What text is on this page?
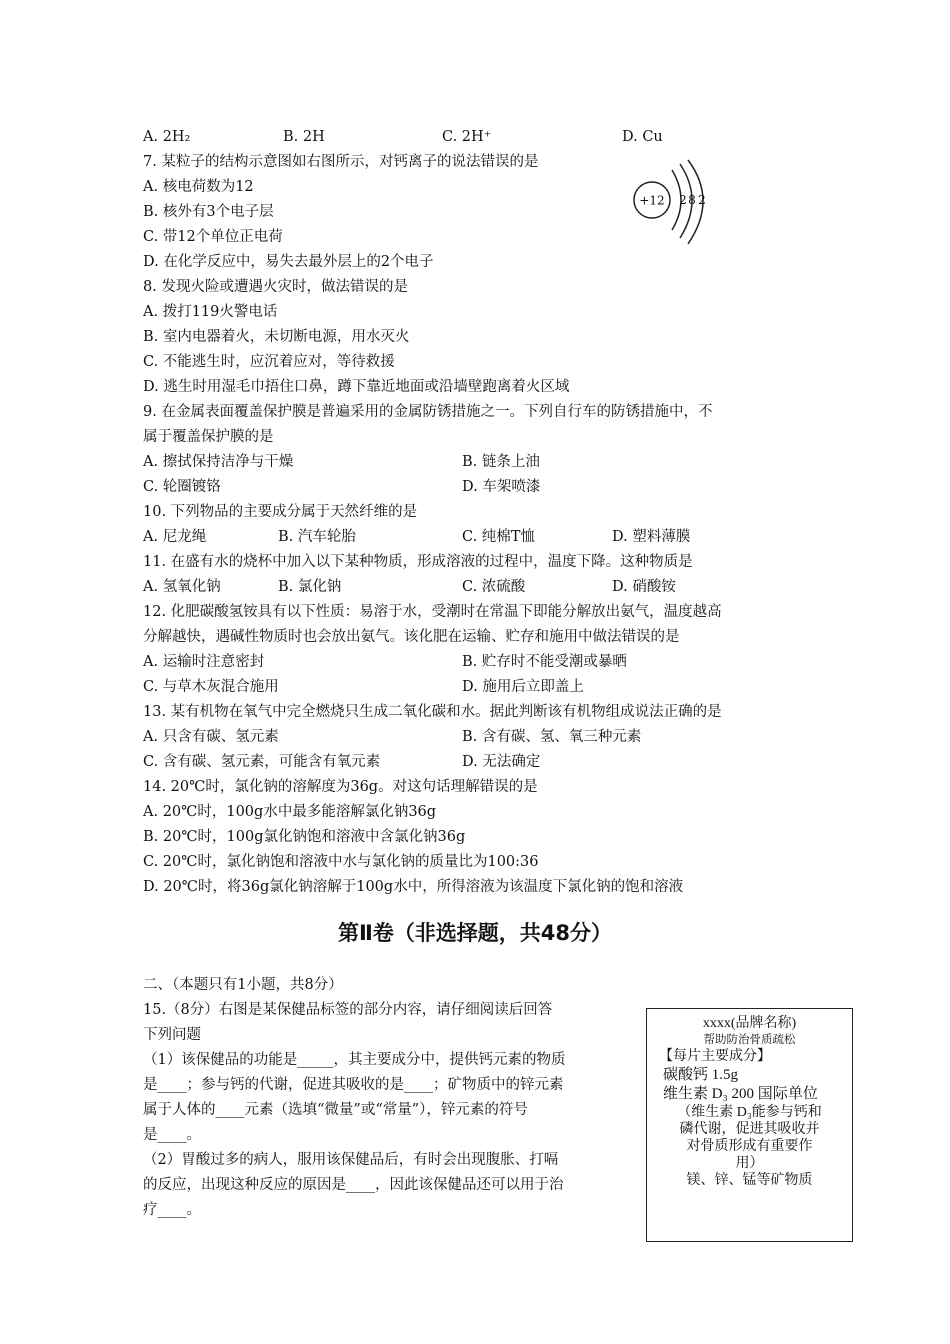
A. 2H₂	B. 2H	C. 2H⁺	D. Cu
7. 某粒子的结构示意图如右图所示，对钙离子的说法错误的是
A. 核电荷数为12
B. 核外有3个电子层
C. 带12个单位正电荷
D. 在化学反应中，易失去最外层上的2个电子
+12 2 8 2
8. 发现火险或遭遇火灾时，做法错误的是
A. 拨打119火警电话
B. 室内电器着火，未切断电源，用水灭火
C. 不能逃生时，应沉着应对，等待救援
D. 逃生时用湿毛巾捂住口鼻，蹲下靠近地面或沿墙壁跑离着火区域
9. 在金属表面覆盖保护膜是普遍采用的金属防锈措施之一。下列自行车的防锈措施中，不
属于覆盖保护膜的是
A. 擦拭保持洁净与干燥	B. 链条上油
C. 轮圈镀铬	D. 车架喷漆
10. 下列物品的主要成分属于天然纤维的是
A. 尼龙绳	B. 汽车轮胎	C. 纯棉T恤	D. 塑料薄膜
11. 在盛有水的烧杯中加入以下某种物质，形成溶液的过程中，温度下降。这种物质是
A. 氢氧化钠	B. 氯化钠	C. 浓硫酸	D. 硝酸铵
12. 化肥碳酸氢铵具有以下性质：易溶于水，受潮时在常温下即能分解放出氨气，温度越高
分解越快，遇碱性物质时也会放出氨气。该化肥在运输、贮存和施用中做法错误的是
A. 运输时注意密封	B. 贮存时不能受潮或暴晒
C. 与草木灰混合施用	D. 施用后立即盖上
13. 某有机物在氧气中完全燃烧只生成二氧化碳和水。据此判断该有机物组成说法正确的是
A. 只含有碳、氢元素	B. 含有碳、氢、氧三种元素
C. 含有碳、氢元素，可能含有氧元素	D. 无法确定
14. 20℃时，氯化钠的溶解度为36g。对这句话理解错误的是
A. 20℃时，100g水中最多能溶解氯化钠36g
B. 20℃时，100g氯化钠饱和溶液中含氯化钠36g
C. 20℃时，氯化钠饱和溶液中水与氯化钠的质量比为100:36
D. 20℃时，将36g氯化钠溶解于100g水中，所得溶液为该温度下氯化钠的饱和溶液
第Ⅱ卷（非选择题，共48分）
二、（本题只有1小题，共8分）
15.（8分）右图是某保健品标签的部分内容，请仔细阅读后回答
下列问题
（1）该保健品的功能是_____，其主要成分中，提供钙元素的物质
是____；参与钙的代谢，促进其吸收的是____；矿物质中的锌元素
属于人体的____元素（选填“微量”或“常量”），锌元素的符号
是____。
（2）胃酸过多的病人，服用该保健品后，有时会出现腹胀、打嗝
的反应，出现这种反应的原因是____，因此该保健品还可以用于治
疗____。
xxxx(品牌名称)
帮助防治骨质疏松
【每片主要成分】
碳酸钙 1.5g
维生素 D₃ 200 国际单位
（维生素 D₃能参与钙和
磷代谢，促进其吸收并
对骨质形成有重要作
用）
镁、锌、锰等矿物质
